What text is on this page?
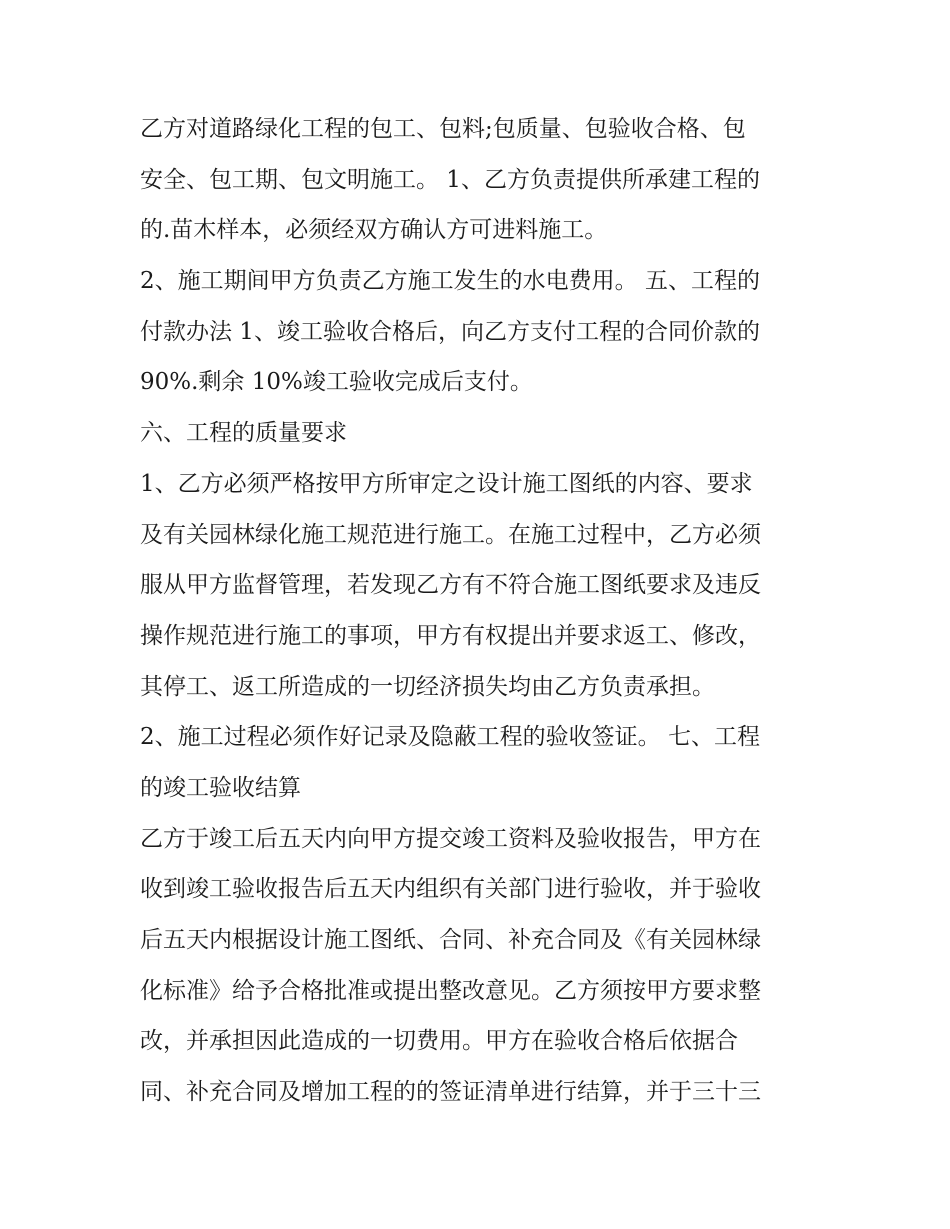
乙方对道路绿化工程的包工、包料;包质量、包验收合格、包
安全、包工期、包文明施工。 1、乙方负责提供所承建工程的
的.苗木样本，必须经双方确认方可进料施工。
2、施工期间甲方负责乙方施工发生的水电费用。 五、工程的
付款办法 1、竣工验收合格后，向乙方支付工程的合同价款的
90%.剩余 10%竣工验收完成后支付。
六、工程的质量要求
1、乙方必须严格按甲方所审定之设计施工图纸的内容、要求
及有关园林绿化施工规范进行施工。在施工过程中，乙方必须
服从甲方监督管理，若发现乙方有不符合施工图纸要求及违反
操作规范进行施工的事项，甲方有权提出并要求返工、修改，
其停工、返工所造成的一切经济损失均由乙方负责承担。
2、施工过程必须作好记录及隐蔽工程的验收签证。 七、工程
的竣工验收结算
乙方于竣工后五天内向甲方提交竣工资料及验收报告，甲方在
收到竣工验收报告后五天内组织有关部门进行验收，并于验收
后五天内根据设计施工图纸、合同、补充合同及《有关园林绿
化标准》给予合格批准或提出整改意见。乙方须按甲方要求整
改，并承担因此造成的一切费用。甲方在验收合格后依据合
同、补充合同及增加工程的的签证清单进行结算，并于三十三
